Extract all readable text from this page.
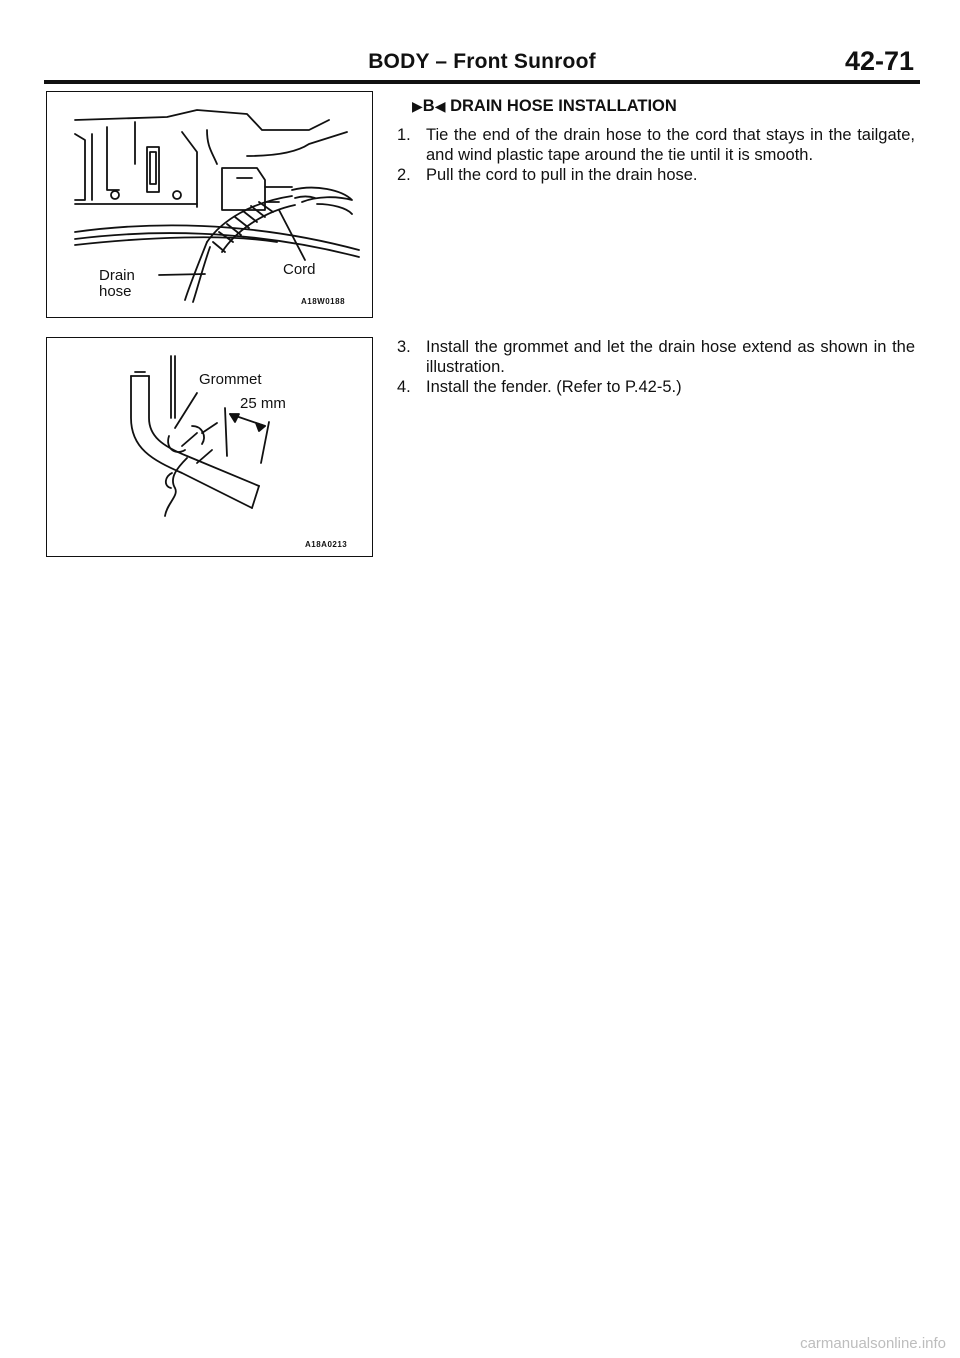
BODY – Front Sunroof	42-71
Drain
hose
Cord
A18W0188
Grommet
25 mm
A18A0213
▶B◀ DRAIN HOSE INSTALLATION
1. Tie the end of the drain hose to the cord that stays in the tailgate, and wind plastic tape around the tie until it is smooth.
2. Pull the cord to pull in the drain hose.
3. Install the grommet and let the drain hose extend as shown in the illustration.
4. Install the fender. (Refer to P.42-5.)
carmanualsonline.info
